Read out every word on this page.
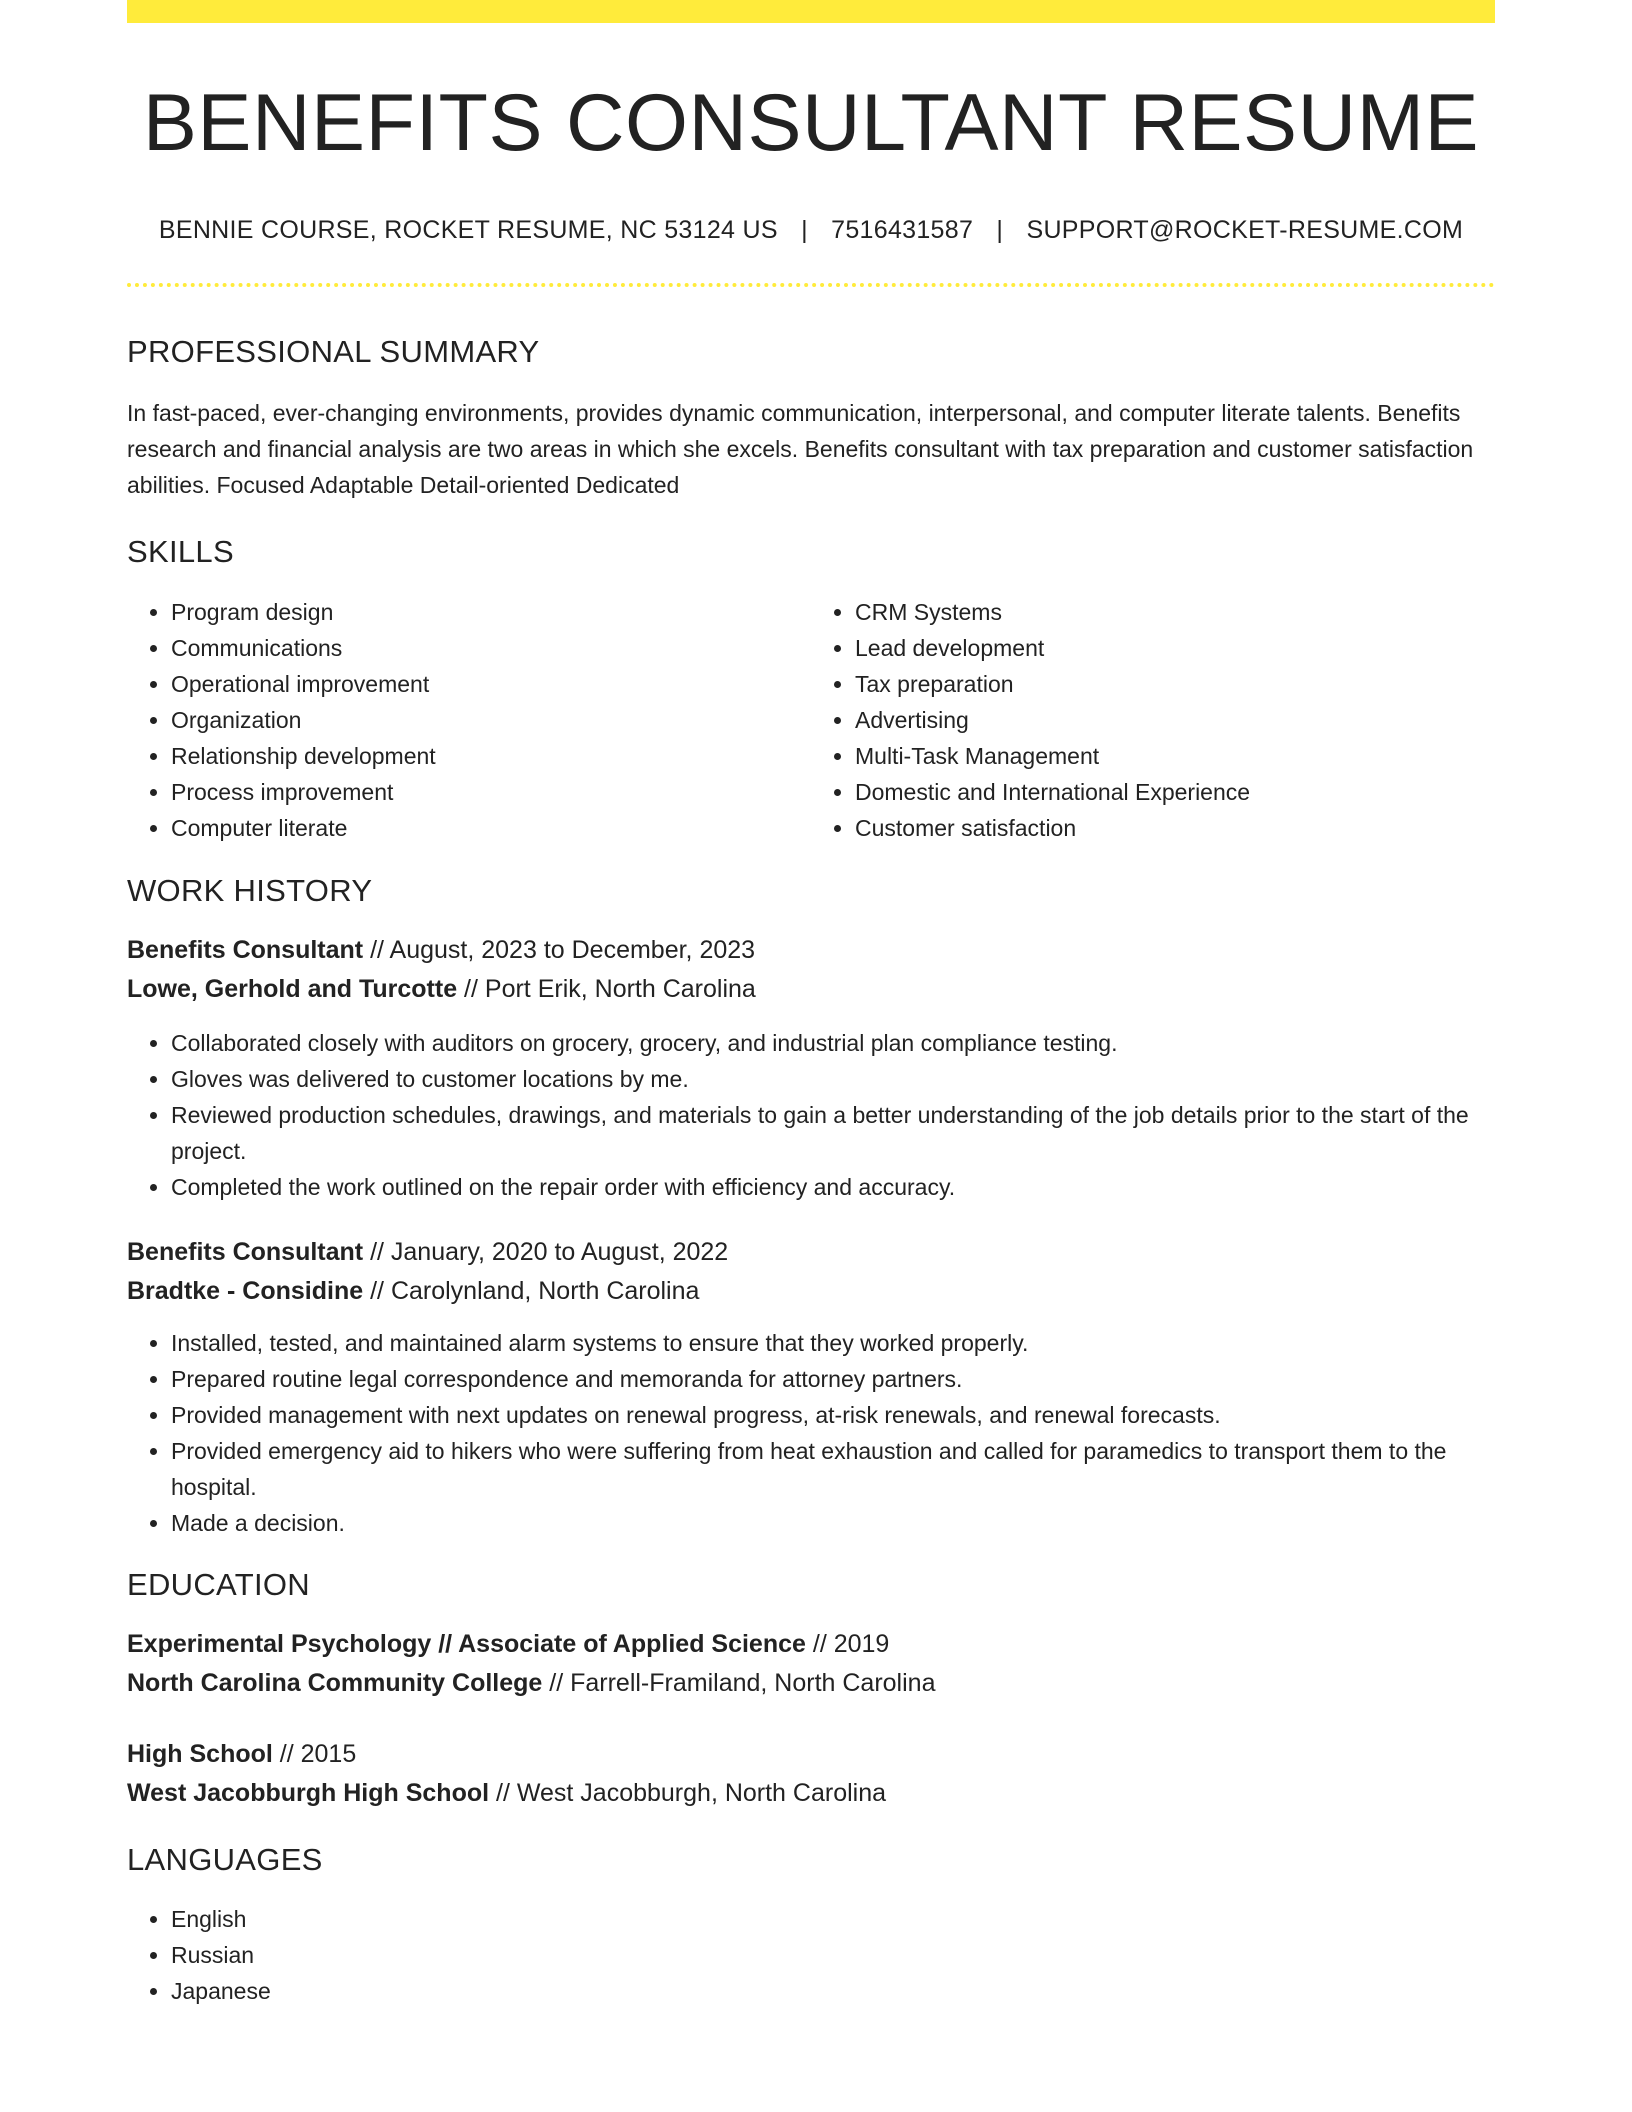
BENEFITS CONSULTANT RESUME
BENNIE COURSE, ROCKET RESUME, NC 53124 US | 7516431587 | SUPPORT@ROCKET-RESUME.COM
PROFESSIONAL SUMMARY

In fast-paced, ever-changing environments, provides dynamic communication, interpersonal, and computer literate talents. Benefits research and financial analysis are two areas in which she excels. Benefits consultant with tax preparation and customer satisfaction abilities. Focused Adaptable Detail-oriented Dedicated

SKILLS
• Program design
• Communications
• Operational improvement
• Organization
• Relationship development
• Process improvement
• Computer literate
• CRM Systems
• Lead development
• Tax preparation
• Advertising
• Multi-Task Management
• Domestic and International Experience
• Customer satisfaction
WORK HISTORY
Benefits Consultant // August, 2023 to December, 2023
Lowe, Gerhold and Turcotte // Port Erik, North Carolina
• Collaborated closely with auditors on grocery, grocery, and industrial plan compliance testing.
• Gloves was delivered to customer locations by me.
• Reviewed production schedules, drawings, and materials to gain a better understanding of the job details prior to the start of the project.
• Completed the work outlined on the repair order with efficiency and accuracy.
Benefits Consultant // January, 2020 to August, 2022
Bradtke - Considine // Carolynland, North Carolina
• Installed, tested, and maintained alarm systems to ensure that they worked properly.
• Prepared routine legal correspondence and memoranda for attorney partners.
• Provided management with next updates on renewal progress, at-risk renewals, and renewal forecasts.
• Provided emergency aid to hikers who were suffering from heat exhaustion and called for paramedics to transport them to the hospital.
• Made a decision.
EDUCATION
Experimental Psychology // Associate of Applied Science // 2019
North Carolina Community College // Farrell-Framiland, North Carolina
High School // 2015
West Jacobburgh High School // West Jacobburgh, North Carolina
LANGUAGES
• English
• Russian
• Japanese
